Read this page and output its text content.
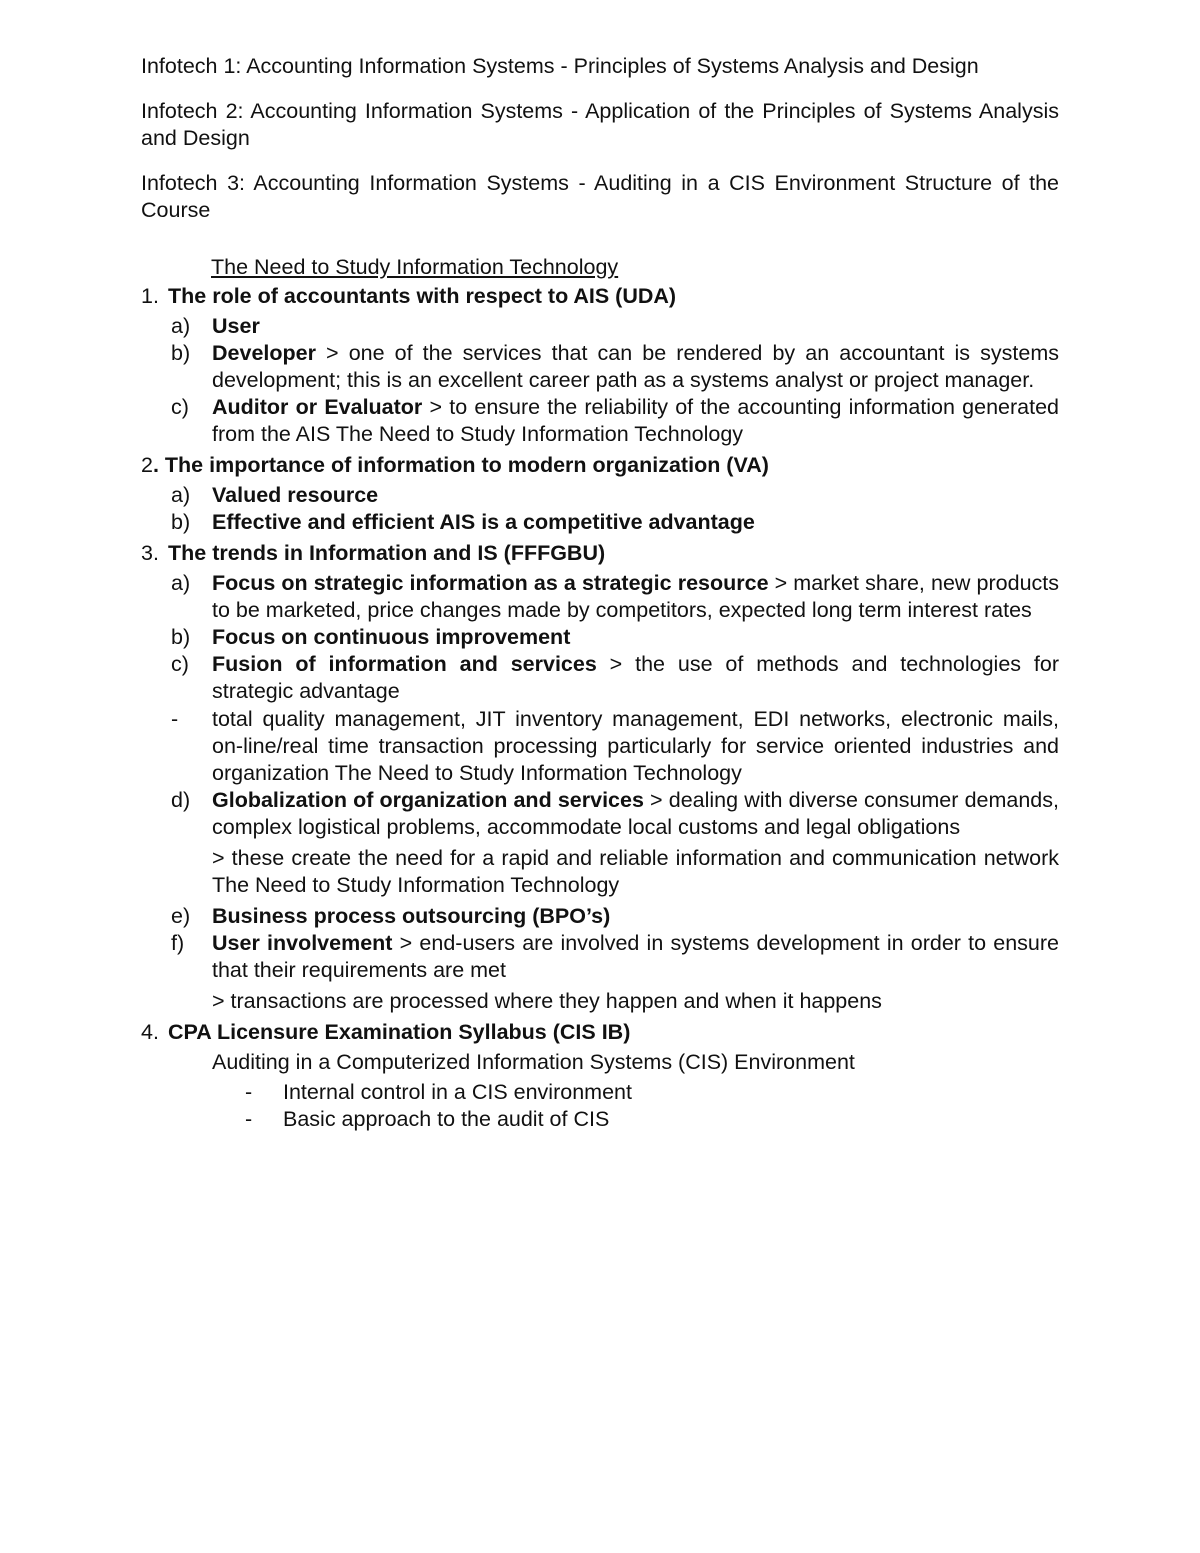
Infotech 1: Accounting Information Systems - Principles of Systems Analysis and Design

Infotech 2: Accounting Information Systems - Application of the Principles of Systems Analysis and Design

Infotech 3: Accounting Information Systems - Auditing in a CIS Environment Structure of the Course

The Need to Study Information Technology

1. The role of accountants with respect to AIS (UDA)
a)	User
b)	Developer > one of the services that can be rendered by an accountant is systems development; this is an excellent career path as a systems analyst or project manager.
c)	Auditor or Evaluator > to ensure the reliability of the accounting information generated from the AIS The Need to Study Information Technology
2 . The importance of information to modern organization (VA)
a)	Valued resource
b)	Effective and efficient AIS is a competitive advantage
3. The trends in Information and IS (FFFGBU)
a)	Focus on strategic information as a strategic resource > market share, new products to be marketed, price changes made by competitors, expected long term interest rates
b)	Focus on continuous improvement
c)	Fusion of information and services > the use of methods and technologies for strategic advantage
-	total quality management, JIT inventory management, EDI networks, electronic mails, on-line/real time transaction processing particularly for service oriented industries and organization The Need to Study Information Technology
d)	Globalization of organization and services > dealing with diverse consumer demands, complex logistical problems, accommodate local customs and legal obligations

> these create the need for a rapid and reliable information and communication network The Need to Study Information Technology

e)	Business process outsourcing (BPO’s)
f)	User involvement > end-users are involved in systems development in order to ensure that their requirements are met

> transactions are processed where they happen and when it happens

4. CPA Licensure Examination Syllabus (CIS IB)

Auditing in a Computerized Information Systems (CIS) Environment

-	Internal control in a CIS environment
-	Basic approach to the audit of CIS
